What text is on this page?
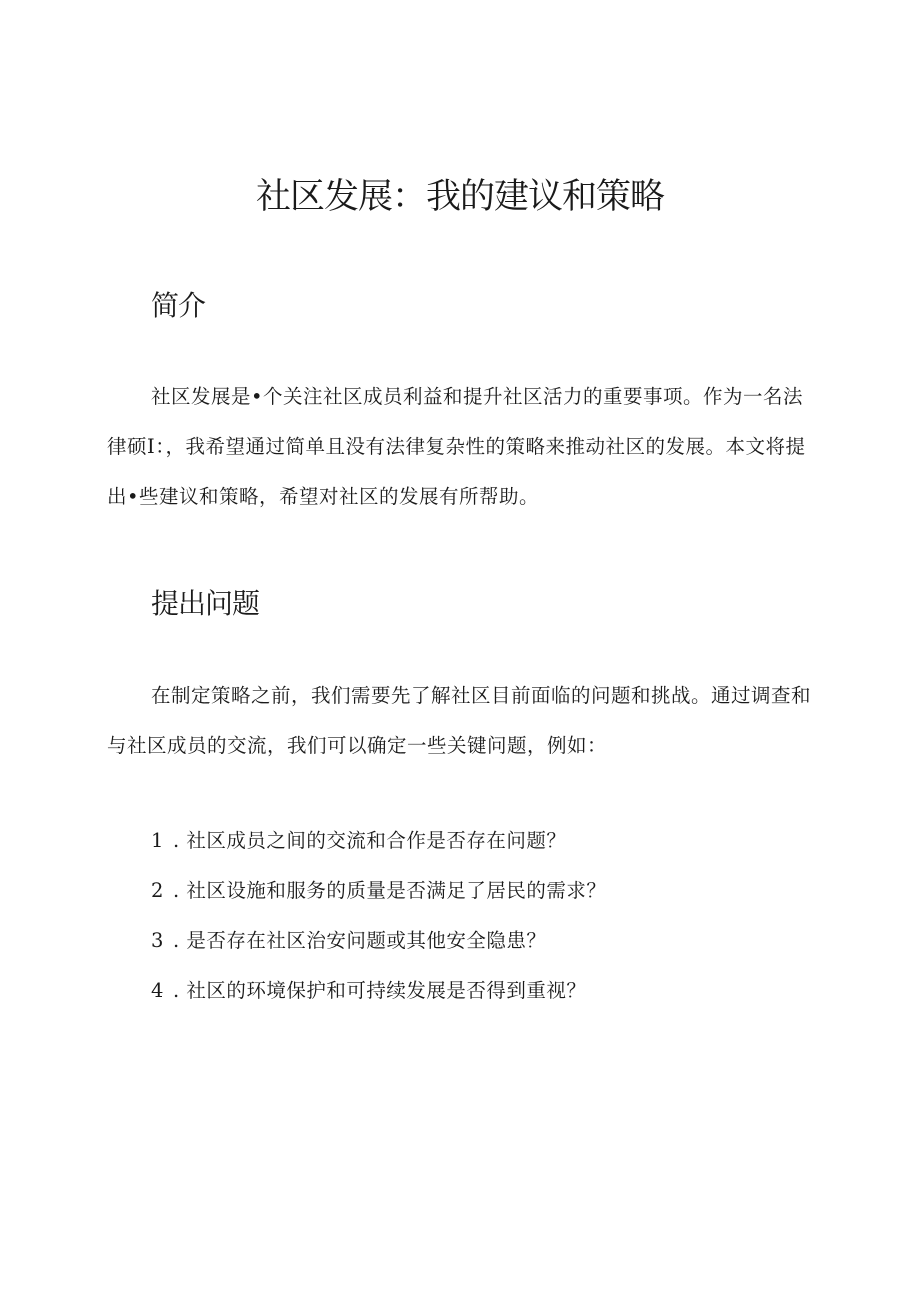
社区发展：我的建议和策略
简介

社区发展是•个关注社区成员利益和提升社区活力的重要事项。作为一名法律硕I：，我希望通过简单且没有法律复杂性的策略来推动社区的发展。本文将提出•些建议和策略，希望对社区的发展有所帮助。

提出问题

在制定策略之前，我们需要先了解社区目前面临的问题和挑战。通过调查和与社区成员的交流，我们可以确定一些关键问题，例如：

1 . 社区成员之间的交流和合作是否存在问题？
2 . 社区设施和服务的质量是否满足了居民的需求？
3 . 是否存在社区治安问题或其他安全隐患？
4 . 社区的环境保护和可持续发展是否得到重视？
